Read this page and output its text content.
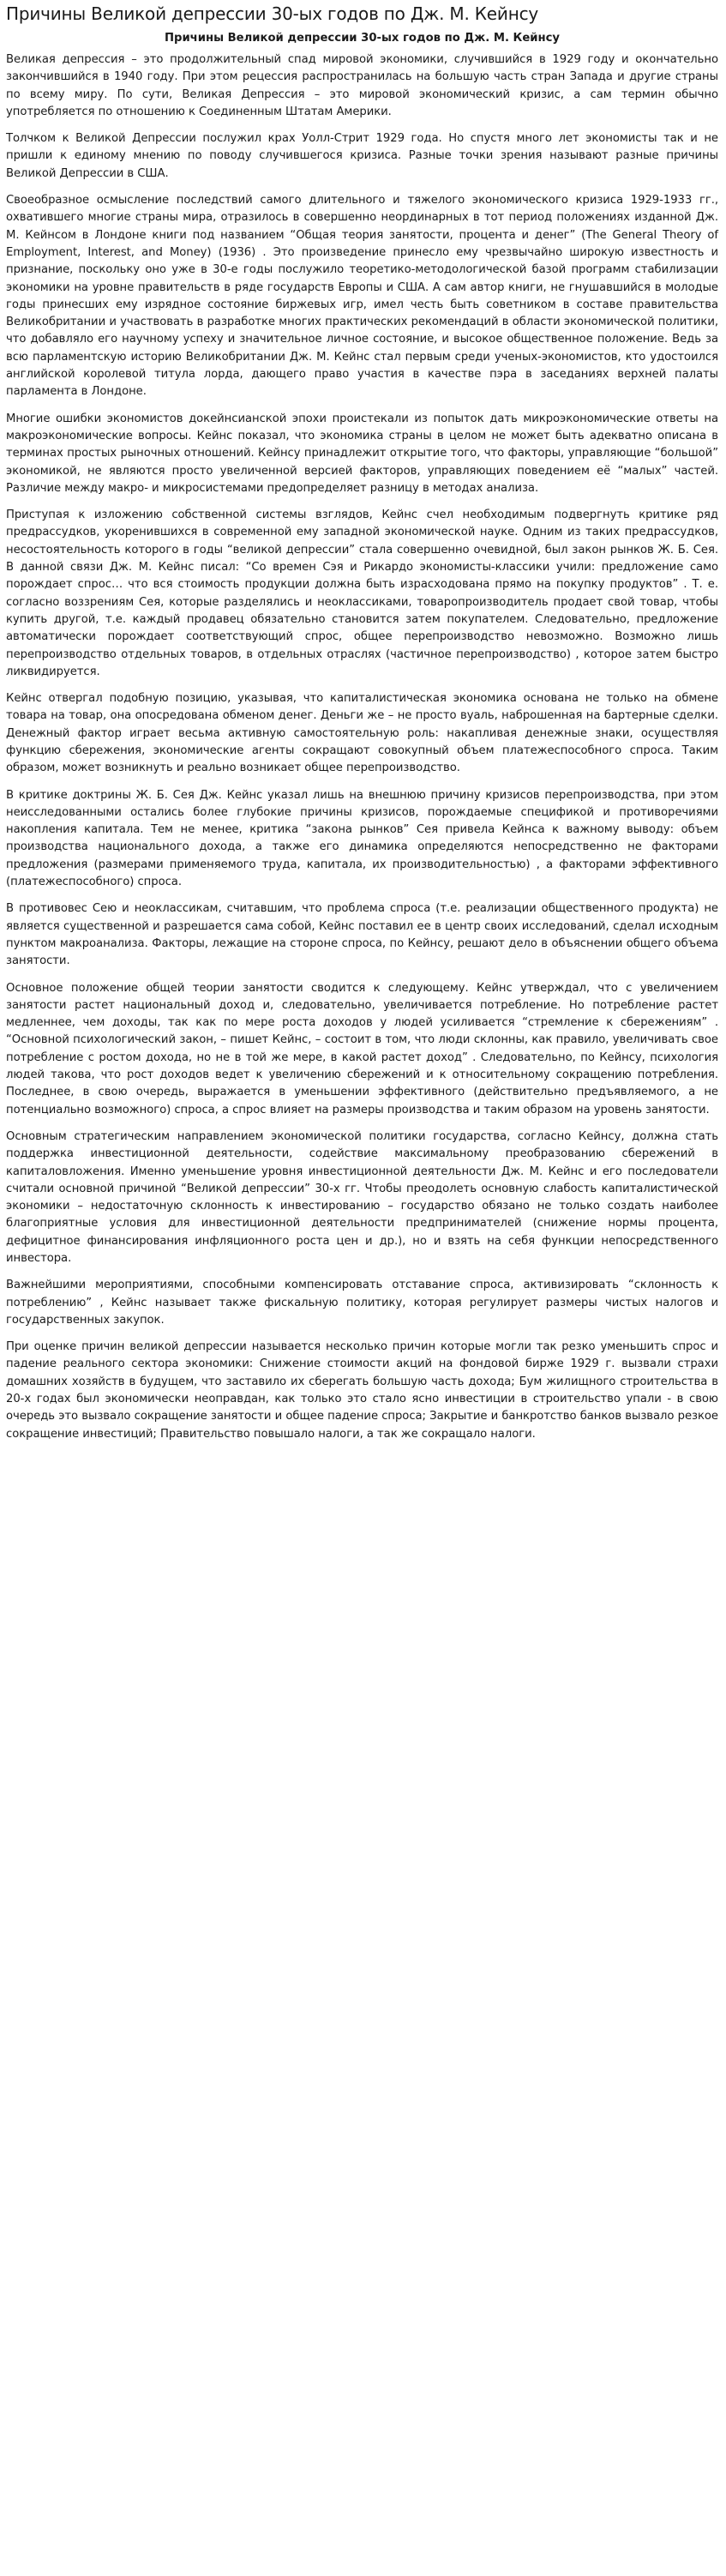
Причины Великой депрессии 30-ых годов по Дж. М. Кейнсу
Причины Великой депрессии 30-ых годов по Дж. М. Кейнсу

Великая депрессия – это продолжительный спад мировой экономики, случившийся в 1929 году и окончательно закончившийся в 1940 году. При этом рецессия распространилась на большую часть стран Запада и другие страны по всему миру. По сути, Великая Депрессия – это мировой экономический кризис, а сам термин обычно употребляется по отношению к Соединенным Штатам Америки.

Толчком к Великой Депрессии послужил крах Уолл-Стрит 1929 года. Но спустя много лет экономисты так и не пришли к единому мнению по поводу случившегося кризиса. Разные точки зрения называют разные причины Великой Депрессии в США.

Своеобразное осмысление последствий самого длительного и тяжелого экономического кризиса 1929-1933 гг., охватившего многие страны мира, отразилось в совершенно неординарных в тот период положениях изданной Дж. М. Кейнсом в Лондоне книги под названием “Общая теория занятости, процента и денег” (The General Theory of Employment, Interest, and Money) (1936) . Это произведение принесло ему чрезвычайно широкую известность и признание, поскольку оно уже в 30-е годы послужило теоретико-методологической базой программ стабилизации экономики на уровне правительств в ряде государств Европы и США. А сам автор книги, не гнушавшийся в молодые годы принесших ему изрядное состояние биржевых игр, имел честь быть советником в составе правительства Великобритании и участвовать в разработке многих практических рекомендаций в области экономической политики, что добавляло его научному успеху и значительное личное состояние, и высокое общественное положение. Ведь за всю парламентскую историю Великобритании Дж. М. Кейнс стал первым среди ученых-экономистов, кто удостоился английской королевой титула лорда, дающего право участия в качестве пэра в заседаниях верхней палаты парламента в Лондоне.

Многие ошибки экономистов докейнсианской эпохи проистекали из попыток дать микроэкономические ответы на макроэкономические вопросы. Кейнс показал, что экономика страны в целом не может быть адекватно описана в терминах простых рыночных отношений. Кейнсу принадлежит открытие того, что факторы, управляющие “большой” экономикой, не являются просто увеличенной версией факторов, управляющих поведением её “малых” частей. Различие между макро- и микросистемами предопределяет разницу в методах анализа.

Приступая к изложению собственной системы взглядов, Кейнс счел необходимым подвергнуть критике ряд предрассудков, укоренившихся в современной ему западной экономической науке. Одним из таких предрассудков, несостоятельность которого в годы “великой депрессии” стала совершенно очевидной, был закон рынков Ж. Б. Сея. В данной связи Дж. М. Кейнс писал: “Со времен Сэя и Рикардо экономисты-классики учили: предложение само порождает спрос… что вся стоимость продукции должна быть израсходована прямо на покупку продуктов” . Т. е. согласно воззрениям Сея, которые разделялись и неоклассиками, товаропроизводитель продает свой товар, чтобы купить другой, т.е. каждый продавец обязательно становится затем покупателем. Следовательно, предложение автоматически порождает соответствующий спрос, общее перепроизводство невозможно. Возможно лишь перепроизводство отдельных товаров, в отдельных отраслях (частичное перепроизводство) , которое затем быстро ликвидируется.

Кейнс отвергал подобную позицию, указывая, что капиталистическая экономика основана не только на обмене товара на товар, она опосредована обменом денег. Деньги же – не просто вуаль, наброшенная на бартерные сделки. Денежный фактор играет весьма активную самостоятельную роль: накапливая денежные знаки, осуществляя функцию сбережения, экономические агенты сокращают совокупный объем платежеспособного спроса. Таким образом, может возникнуть и реально возникает общее перепроизводство.

В критике доктрины Ж. Б. Сея Дж. Кейнс указал лишь на внешнюю причину кризисов перепроизводства, при этом неисследованными остались более глубокие причины кризисов, порождаемые спецификой и противоречиями накопления капитала. Тем не менее, критика “закона рынков” Сея привела Кейнса к важному выводу: объем производства национального дохода, а также его динамика определяются непосредственно не факторами предложения (размерами применяемого труда, капитала, их производительностью) , а факторами эффективного (платежеспособного) спроса.

В противовес Сею и неоклассикам, считавшим, что проблема спроса (т.е. реализации общественного продукта) не является существенной и разрешается сама собой, Кейнс поставил ее в центр своих исследований, сделал исходным пунктом макроанализа. Факторы, лежащие на стороне спроса, по Кейнсу, решают дело в объяснении общего объема занятости.

Основное положение общей теории занятости сводится к следующему. Кейнс утверждал, что с увеличением занятости растет национальный доход и, следовательно, увеличивается потребление. Но потребление растет медленнее, чем доходы, так как по мере роста доходов у людей усиливается “стремление к сбережениям” . “Основной психологический закон, – пишет Кейнс, – состоит в том, что люди склонны, как правило, увеличивать свое потребление с ростом дохода, но не в той же мере, в какой растет доход” . Следовательно, по Кейнсу, психология людей такова, что рост доходов ведет к увеличению сбережений и к относительному сокращению потребления. Последнее, в свою очередь, выражается в уменьшении эффективного (действительно предъявляемого, а не потенциально возможного) спроса, а спрос влияет на размеры производства и таким образом на уровень занятости.

Основным стратегическим направлением экономической политики государства, согласно Кейнсу, должна стать поддержка инвестиционной деятельности, содействие максимальному преобразованию сбережений в капиталовложения. Именно уменьшение уровня инвестиционной деятельности Дж. М. Кейнс и его последователи считали основной причиной “Великой депрессии” 30-х гг. Чтобы преодолеть основную слабость капиталистической экономики – недостаточную склонность к инвестированию – государство обязано не только создать наиболее благоприятные условия для инвестиционной деятельности предпринимателей (снижение нормы процента, дефицитное финансирования инфляционного роста цен и др.), но и взять на себя функции непосредственного инвестора.

Важнейшими мероприятиями, способными компенсировать отставание спроса, активизировать “склонность к потреблению” , Кейнс называет также фискальную политику, которая регулирует размеры чистых налогов и государственных закупок.

При оценке причин великой депрессии называется несколько причин которые могли так резко уменьшить спрос и падение реального сектора экономики: Снижение стоимости акций на фондовой бирже 1929 г. вызвали страхи домашних хозяйств в будущем, что заставило их сберегать большую часть дохода; Бум жилищного строительства в 20-х годах был экономически неоправдан, как только это стало ясно инвестиции в строительство упали - в свою очередь это вызвало сокращение занятости и общее падение спроса; Закрытие и банкротство банков вызвало резкое сокращение инвестиций; Правительство повышало налоги, а так же сокращало налоги.
